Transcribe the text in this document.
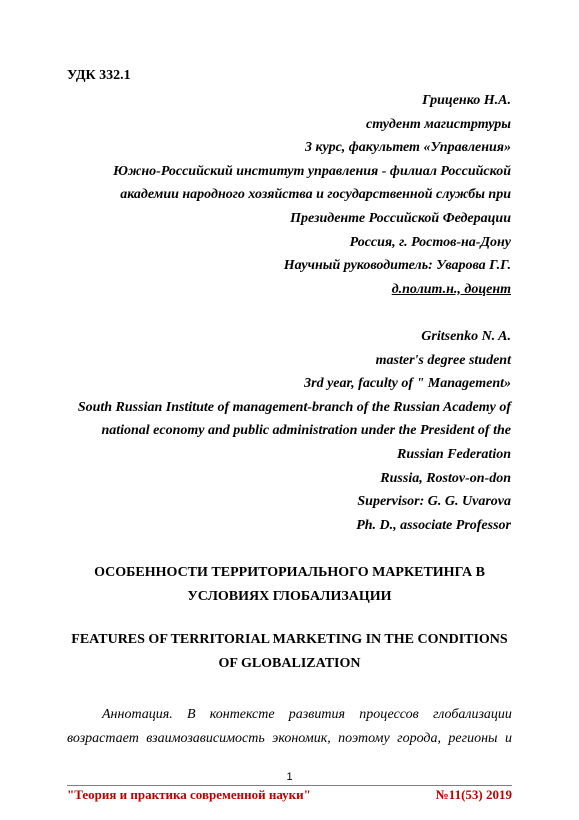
УДК 332.1
Гриценко Н.А.
студент магистртуры
3 курс, факультет «Управления»
Южно-Российский институт управления - филиал Российской
академии народного хозяйства и государственной службы при
Президенте Российской Федерации
Россия, г. Ростов-на-Дону
Научный руководитель: Уварова Г.Г.
д.полит.н., доцент
Gritsenko N. A.
master's degree student
3rd year, faculty of " Management»
South Russian Institute of management-branch of the Russian Academy of
national economy and public administration under the President of the
Russian Federation
Russia, Rostov-on-don
Supervisor: G. G. Uvarova
Ph. D., associate Professor
ОСОБЕННОСТИ ТЕРРИТОРИАЛЬНОГО МАРКЕТИНГА В
УСЛОВИЯХ ГЛОБАЛИЗАЦИИ
FEATURES OF TERRITORIAL MARKETING IN THE CONDITIONS
OF GLOBALIZATION
Аннотация. В контексте развития процессов глобализации
возрастает взаимозависимость экономик, поэтому города, регионы и
1
"Теория и практика современной науки"	№11(53) 2019
